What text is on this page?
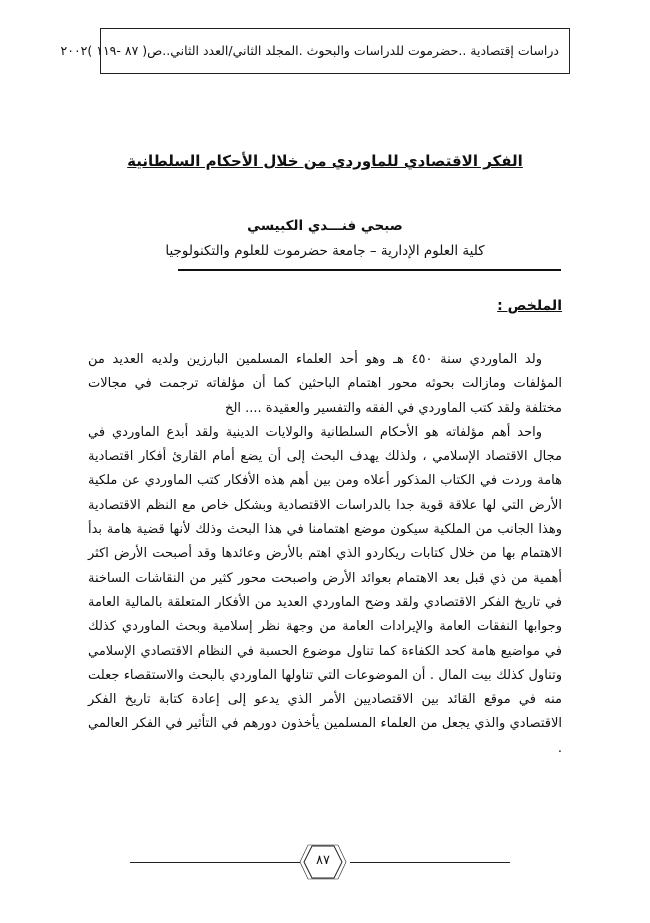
دراسات إقتصادية ..حضرموت للدراسات والبحوث .المجلد الثاني/العدد الثاني..ص( ٨٧ -١١٩ )٢٠٠٢
الفكر الاقتصادي للماوردي من خلال الأحكام السلطانية
صبحي فنـــدي الكبيسي
كلية العلوم الإدارية – جامعة حضرموت للعلوم والتكنولوجيا
الملخص :

ولد الماوردي سنة ٤٥٠ هـ وهو أحد العلماء المسلمين البارزين ولديه العديد من المؤلفات ومازالت بحوثه محور اهتمام الباحثين كما أن مؤلفاته ترجمت في مجالات مختلفة ولقد كتب الماوردي في الفقه والتفسير والعقيدة .... الخ

واحد أهم مؤلفاته هو الأحكام السلطانية والولايات الدينية ولقد أبدع الماوردي في مجال الاقتصاد الإسلامي ، ولذلك يهدف البحث إلى أن يضع أمام القارئ أفكار اقتصادية هامة وردت في الكتاب المذكور أعلاه ومن بين أهم هذه الأفكار كتب الماوردي عن ملكية الأرض التي لها علاقة قوية جدا بالدراسات الاقتصادية وبشكل خاص مع النظم الاقتصادية وهذا الجانب من الملكية سيكون موضع اهتمامنا في هذا البحث وذلك لأنها قضية هامة بدأ الاهتمام بها من خلال كتابات ريكاردو الذي اهتم بالأرض وعائدها وقد أصبحت الأرض اكثر أهمية من ذي قبل بعد الاهتمام بعوائد الأرض واصبحت محور كثير من النقاشات الساخنة في تاريخ الفكر الاقتصادي ولقد وضح الماوردي العديد من الأفكار المتعلقة بالمالية العامة وجوابها النفقات العامة والإيرادات العامة من وجهة نظر إسلامية وبحث الماوردي كذلك في مواضيع هامة كحد الكفاءة كما تناول موضوع الحسبة في النظام الاقتصادي الإسلامي وتناول كذلك بيت المال . أن الموضوعات التي تناولها الماوردي بالبحث والاستقصاء جعلت منه في موقع القائد بين الاقتصاديين الأمر الذي يدعو إلى إعادة كتابة تاريخ الفكر الاقتصادي والذي يجعل من العلماء المسلمين يأخذون دورهم في التأثير في الفكر العالمي .

٨٧
